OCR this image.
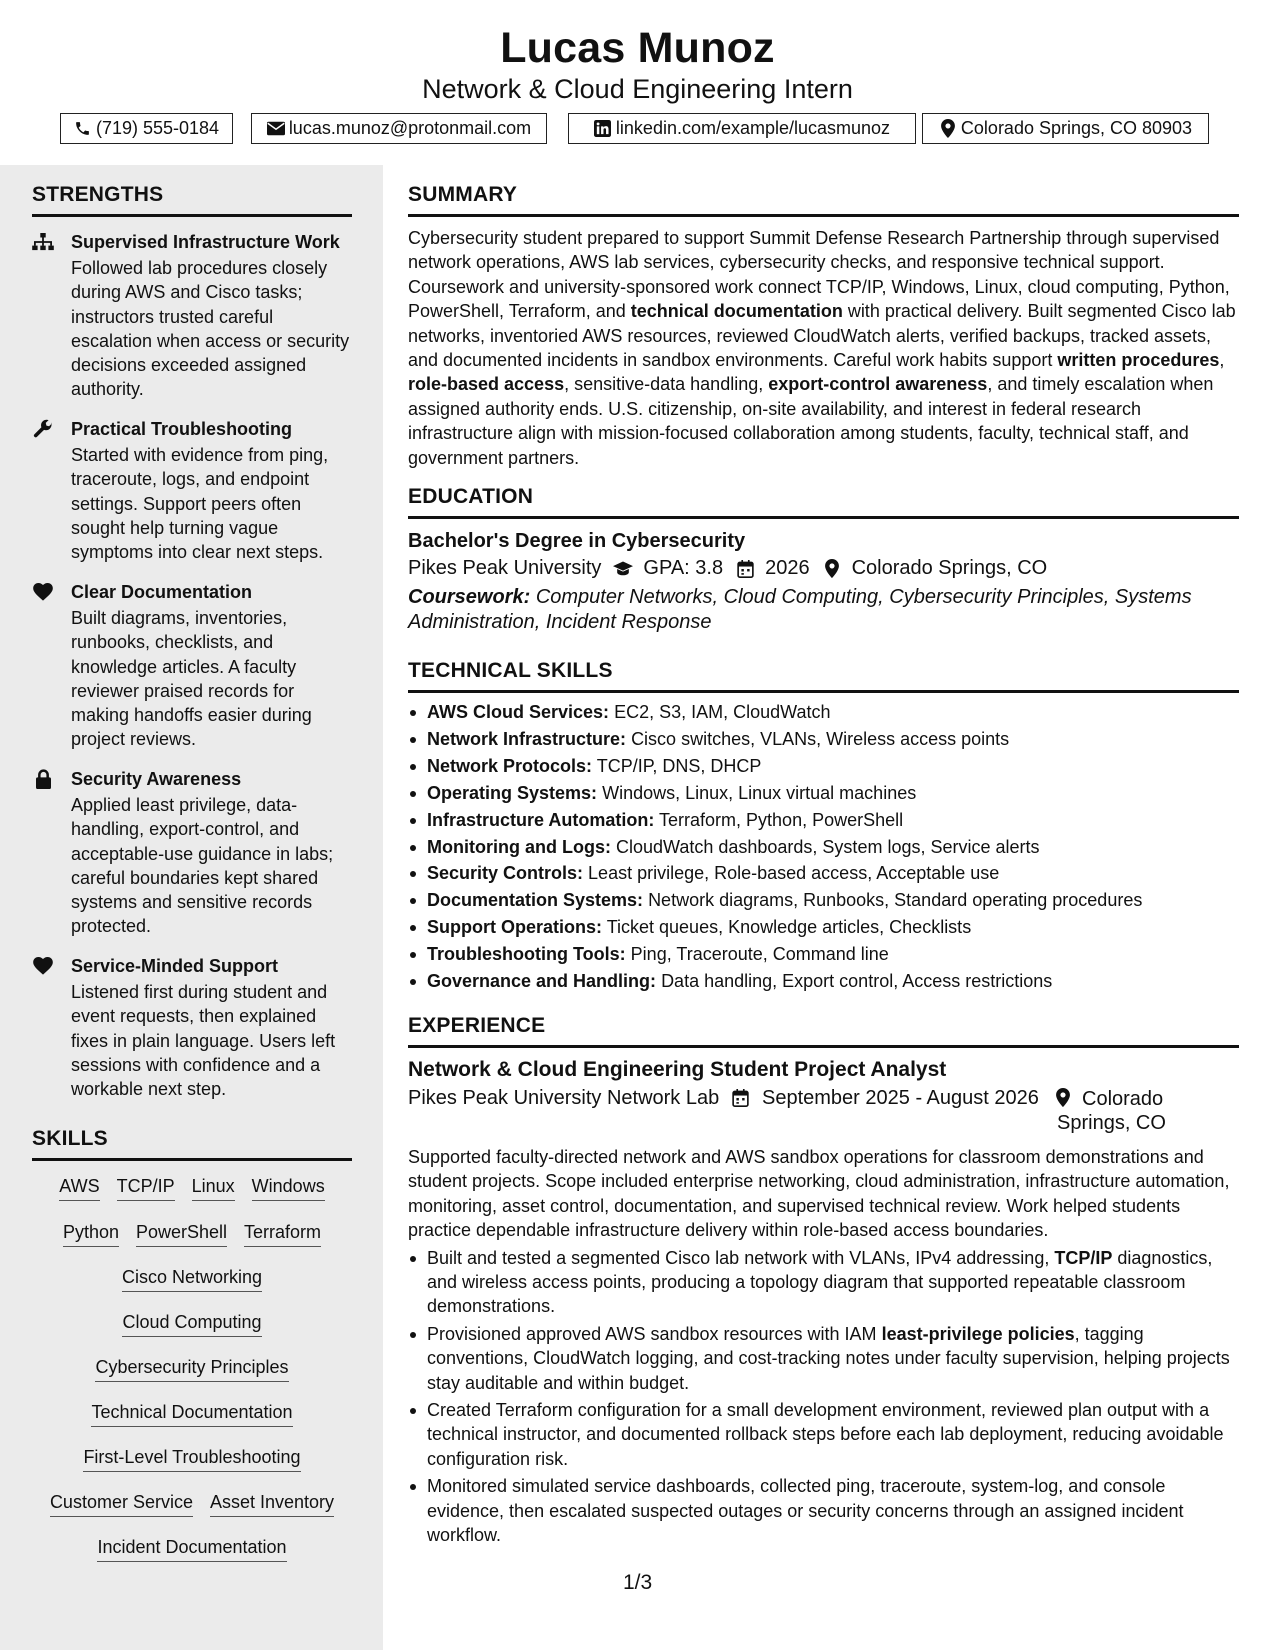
Lucas Munoz
Network & Cloud Engineering Intern
(719) 555-0184	lucas.munoz@protonmail.com	linkedin.com/example/lucasmunoz	Colorado Springs, CO 80903
STRENGTHS
Supervised Infrastructure Work
Followed lab procedures closely during AWS and Cisco tasks; instructors trusted careful escalation when access or security decisions exceeded assigned authority.
Practical Troubleshooting
Started with evidence from ping, traceroute, logs, and endpoint settings. Support peers often sought help turning vague symptoms into clear next steps.
Clear Documentation
Built diagrams, inventories, runbooks, checklists, and knowledge articles. A faculty reviewer praised records for making handoffs easier during project reviews.
Security Awareness
Applied least privilege, data-handling, export-control, and acceptable-use guidance in labs; careful boundaries kept shared systems and sensitive records protected.
Service-Minded Support
Listened first during student and event requests, then explained fixes in plain language. Users left sessions with confidence and a workable next step.
SKILLS
AWS TCP/IP Linux Windows
Python PowerShell Terraform
Cisco Networking
Cloud Computing
Cybersecurity Principles
Technical Documentation
First-Level Troubleshooting
Customer Service Asset Inventory
Incident Documentation
SUMMARY
Cybersecurity student prepared to support Summit Defense Research Partnership through supervised network operations, AWS lab services, cybersecurity checks, and responsive technical support. Coursework and university-sponsored work connect TCP/IP, Windows, Linux, cloud computing, Python, PowerShell, Terraform, and technical documentation with practical delivery. Built segmented Cisco lab networks, inventoried AWS resources, reviewed CloudWatch alerts, verified backups, tracked assets, and documented incidents in sandbox environments. Careful work habits support written procedures, role-based access, sensitive-data handling, export-control awareness, and timely escalation when assigned authority ends. U.S. citizenship, on-site availability, and interest in federal research infrastructure align with mission-focused collaboration among students, faculty, technical staff, and government partners.
EDUCATION
Bachelor's Degree in Cybersecurity
Pikes Peak University GPA: 3.8 2026 Colorado Springs, CO
Coursework: Computer Networks, Cloud Computing, Cybersecurity Principles, Systems Administration, Incident Response
TECHNICAL SKILLS
AWS Cloud Services: EC2, S3, IAM, CloudWatch
Network Infrastructure: Cisco switches, VLANs, Wireless access points
Network Protocols: TCP/IP, DNS, DHCP
Operating Systems: Windows, Linux, Linux virtual machines
Infrastructure Automation: Terraform, Python, PowerShell
Monitoring and Logs: CloudWatch dashboards, System logs, Service alerts
Security Controls: Least privilege, Role-based access, Acceptable use
Documentation Systems: Network diagrams, Runbooks, Standard operating procedures
Support Operations: Ticket queues, Knowledge articles, Checklists
Troubleshooting Tools: Ping, Traceroute, Command line
Governance and Handling: Data handling, Export control, Access restrictions
EXPERIENCE
Network & Cloud Engineering Student Project Analyst
Pikes Peak University Network Lab September 2025 - August 2026 Colorado
Springs, CO
Supported faculty-directed network and AWS sandbox operations for classroom demonstrations and student projects. Scope included enterprise networking, cloud administration, infrastructure automation, monitoring, asset control, documentation, and supervised technical review. Work helped students practice dependable infrastructure delivery within role-based access boundaries.
Built and tested a segmented Cisco lab network with VLANs, IPv4 addressing, TCP/IP diagnostics, and wireless access points, producing a topology diagram that supported repeatable classroom demonstrations.
Provisioned approved AWS sandbox resources with IAM least-privilege policies, tagging conventions, CloudWatch logging, and cost-tracking notes under faculty supervision, helping projects stay auditable and within budget.
Created Terraform configuration for a small development environment, reviewed plan output with a technical instructor, and documented rollback steps before each lab deployment, reducing avoidable configuration risk.
Monitored simulated service dashboards, collected ping, traceroute, system-log, and console evidence, then escalated suspected outages or security concerns through an assigned incident workflow.
1/3
